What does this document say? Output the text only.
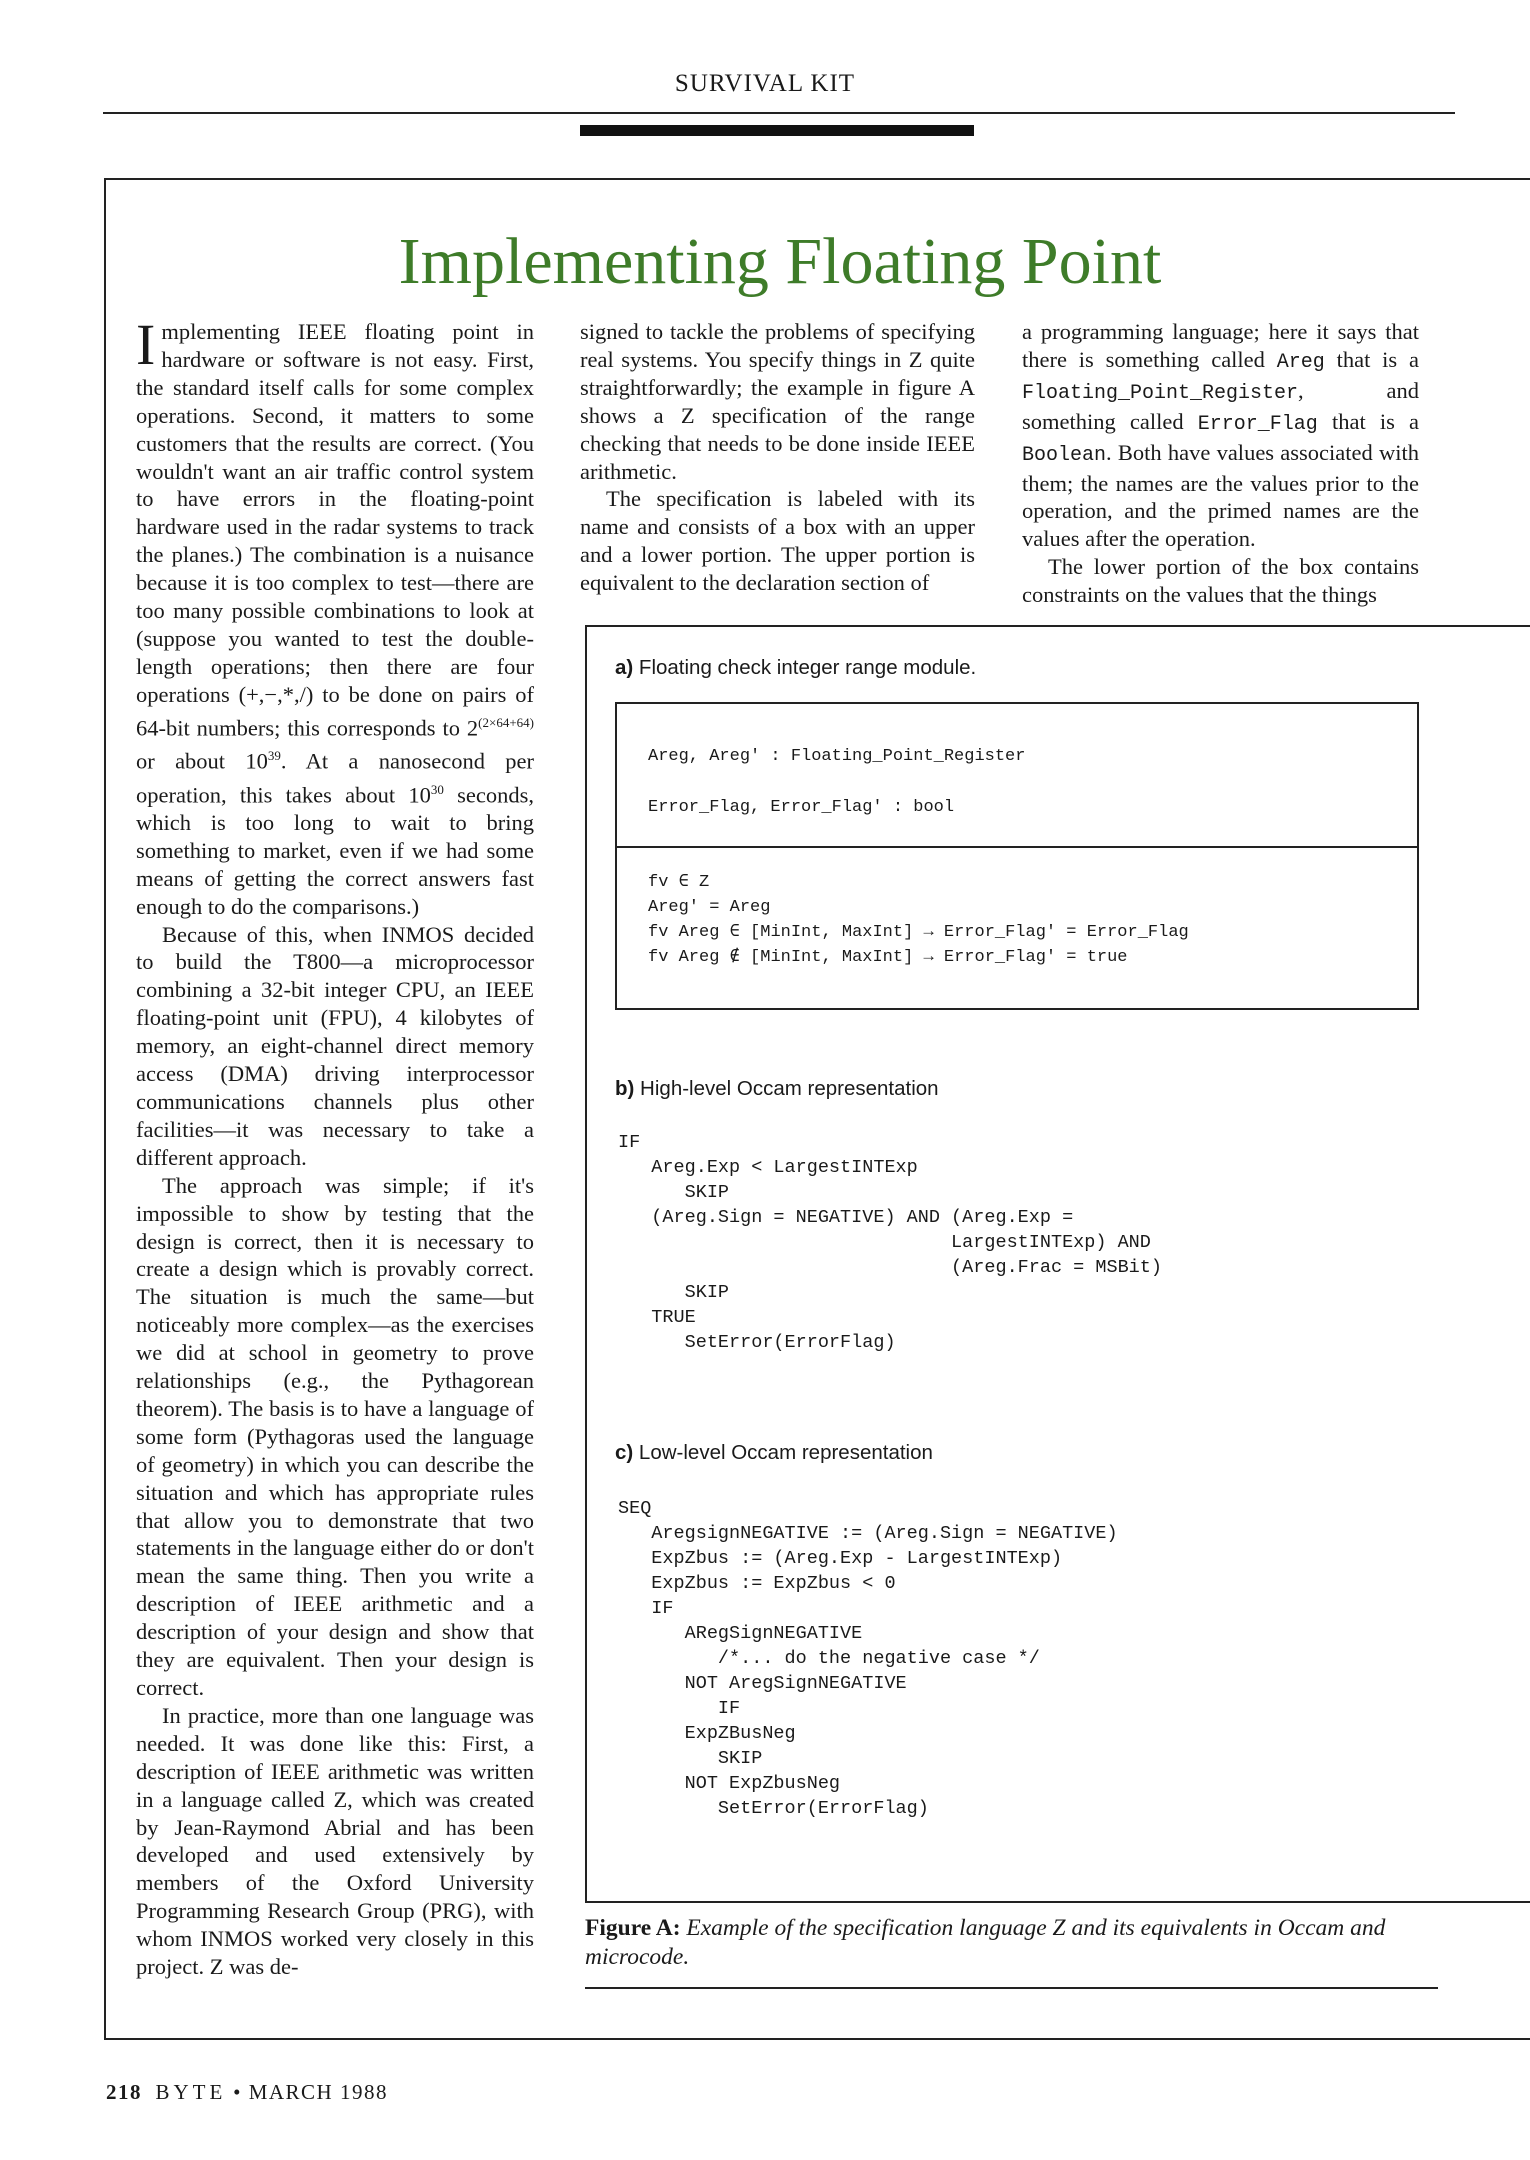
SURVIVAL KIT
Implementing Floating Point

Implementing IEEE floating point in hardware or software is not easy. First, the standard itself calls for some complex operations. Second, it matters to some customers that the results are correct. (You wouldn't want an air traffic control system to have errors in the floating-point hardware used in the radar systems to track the planes.) The combination is a nuisance because it is too complex to test—there are too many possible combinations to look at (suppose you wanted to test the double-length operations; then there are four operations (+,−,*,/) to be done on pairs of 64-bit numbers; this corresponds to $2^{(2\times 64+64)}$ or about $10^{39}$. At a nanosecond per operation, this takes about $10^{30}$ seconds, which is too long to wait to bring something to market, even if we had some means of getting the correct answers fast enough to do the comparisons.)

Because of this, when INMOS decided to build the T800—a microprocessor combining a 32-bit integer CPU, an IEEE floating-point unit (FPU), 4 kilobytes of memory, an eight-channel direct memory access (DMA) driving interprocessor communications channels plus other facilities—it was necessary to take a different approach.

The approach was simple; if it's impossible to show by testing that the design is correct, then it is necessary to create a design which is provably correct. The situation is much the same—but noticeably more complex—as the exercises we did at school in geometry to prove relationships (e.g., the Pythagorean theorem). The basis is to have a language of some form (Pythagoras used the language of geometry) in which you can describe the situation and which has appropriate rules that allow you to demonstrate that two statements in the language either do or don't mean the same thing. Then you write a description of IEEE arithmetic and a description of your design and show that they are equivalent. Then your design is correct.

In practice, more than one language was needed. It was done like this: First, a description of IEEE arithmetic was written in a language called Z, which was created by Jean-Raymond Abrial and has been developed and used extensively by members of the Oxford University Programming Research Group (PRG), with whom INMOS worked very closely in this project. Z was de-

signed to tackle the problems of specifying real systems. You specify things in Z quite straightforwardly; the example in figure A shows a Z specification of the range checking that needs to be done inside IEEE arithmetic.

The specification is labeled with its name and consists of a box with an upper and a lower portion. The upper portion is equivalent to the declaration section of

a programming language; here it says that there is something called Areg that is a Floating_Point_Register, and something called Error_Flag that is a Boolean. Both have values associated with them; the names are the values prior to the operation, and the primed names are the values after the operation.

The lower portion of the box contains constraints on the values that the things

a) Floating check integer range module.
Areg, Areg' : Floating_Point_Register
Error_Flag, Error_Flag' : bool
fv ∈ Z
Areg' = Areg
fv Areg ∈ [MinInt, MaxInt] → Error_Flag' = Error_Flag
fv Areg ∉ [MinInt, MaxInt] → Error_Flag' = true
b) High-level Occam representation
IF
Areg.Exp < LargestINTExp
SKIP
(Areg.Sign = NEGATIVE) AND (Areg.Exp =
LargestINTExp) AND
(Areg.Frac = MSBit)
SKIP
TRUE
SetError(ErrorFlag)
c) Low-level Occam representation
SEQ
AregsignNEGATIVE := (Areg.Sign = NEGATIVE)
ExpZbus := (Areg.Exp - LargestINTExp)
ExpZbus := ExpZbus < 0
IF
ARegSignNEGATIVE
/*... do the negative case */
NOT AregSignNEGATIVE
IF
ExpZBusNeg
SKIP
NOT ExpZbusNeg
SetError(ErrorFlag)
Figure A: Example of the specification language Z and its equivalents in Occam and microcode.
218 BYTE • MARCH 1988
